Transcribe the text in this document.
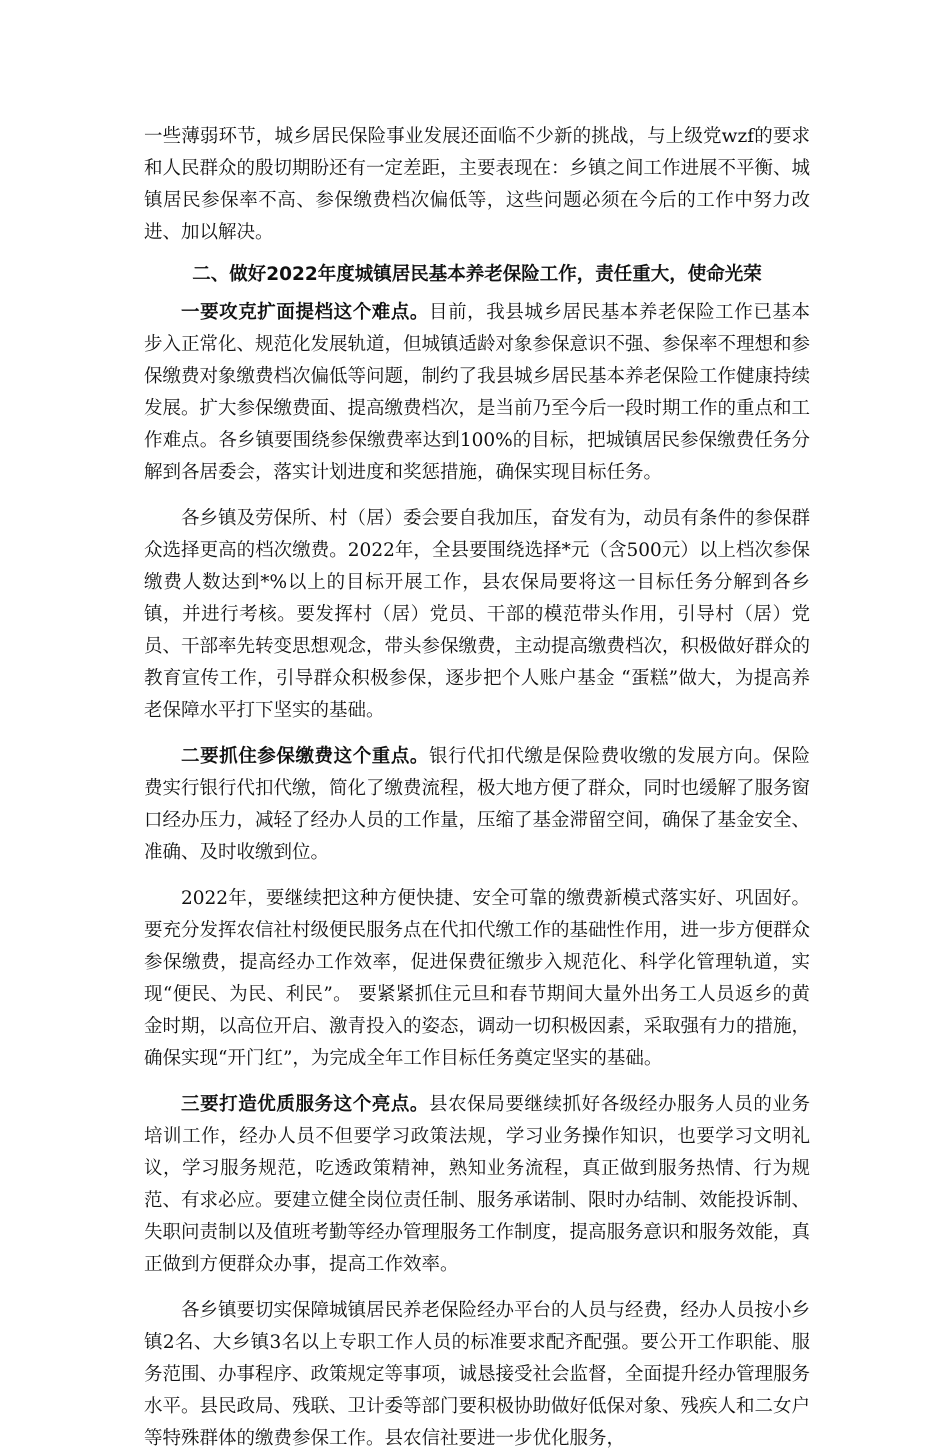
一些薄弱环节，城乡居民保险事业发展还面临不少新的挑战，与上级党wzf的要求和人民群众的殷切期盼还有一定差距，主要表现在：乡镇之间工作进展不平衡、城镇居民参保率不高、参保缴费档次偏低等，这些问题必须在今后的工作中努力改进、加以解决。

二、做好2022年度城镇居民基本养老保险工作，责任重大，使命光荣

一要攻克扩面提档这个难点。目前，我县城乡居民基本养老保险工作已基本步入正常化、规范化发展轨道，但城镇适龄对象参保意识不强、参保率不理想和参保缴费对象缴费档次偏低等问题，制约了我县城乡居民基本养老保险工作健康持续发展。扩大参保缴费面、提高缴费档次，是当前乃至今后一段时期工作的重点和工作难点。各乡镇要围绕参保缴费率达到100%的目标，把城镇居民参保缴费任务分解到各居委会，落实计划进度和奖惩措施，确保实现目标任务。

各乡镇及劳保所、村（居）委会要自我加压，奋发有为，动员有条件的参保群众选择更高的档次缴费。2022年，全县要围绕选择*元（含500元）以上档次参保缴费人数达到*%以上的目标开展工作，县农保局要将这一目标任务分解到各乡镇，并进行考核。要发挥村（居）党员、干部的模范带头作用，引导村（居）党员、干部率先转变思想观念，带头参保缴费，主动提高缴费档次，积极做好群众的教育宣传工作，引导群众积极参保，逐步把个人账户基金 “蛋糕”做大，为提高养老保障水平打下坚实的基础。

二要抓住参保缴费这个重点。银行代扣代缴是保险费收缴的发展方向。保险费实行银行代扣代缴，简化了缴费流程，极大地方便了群众，同时也缓解了服务窗口经办压力，减轻了经办人员的工作量，压缩了基金滞留空间，确保了基金安全、准确、及时收缴到位。

2022年，要继续把这种方便快捷、安全可靠的缴费新模式落实好、巩固好。要充分发挥农信社村级便民服务点在代扣代缴工作的基础性作用，进一步方便群众参保缴费，提高经办工作效率，促进保费征缴步入规范化、科学化管理轨道，实现“便民、为民、利民”。 要紧紧抓住元旦和春节期间大量外出务工人员返乡的黄金时期，以高位开启、激青投入的姿态，调动一切积极因素，采取强有力的措施，确保实现“开门红”，为完成全年工作目标任务奠定坚实的基础。

三要打造优质服务这个亮点。县农保局要继续抓好各级经办服务人员的业务培训工作，经办人员不但要学习政策法规，学习业务操作知识，也要学习文明礼议，学习服务规范，吃透政策精神，熟知业务流程，真正做到服务热情、行为规范、有求必应。要建立健全岗位责任制、服务承诺制、限时办结制、效能投诉制、失职问责制以及值班考勤等经办管理服务工作制度，提高服务意识和服务效能，真正做到方便群众办事，提高工作效率。

各乡镇要切实保障城镇居民养老保险经办平台的人员与经费，经办人员按小乡镇2名、大乡镇3名以上专职工作人员的标准要求配齐配强。要公开工作职能、服务范围、办事程序、政策规定等事项，诚恳接受社会监督，全面提升经办管理服务水平。县民政局、残联、卫计委等部门要积极协助做好低保对象、残疾人和二女户等特殊群体的缴费参保工作。县农信社要进一步优化服务，
